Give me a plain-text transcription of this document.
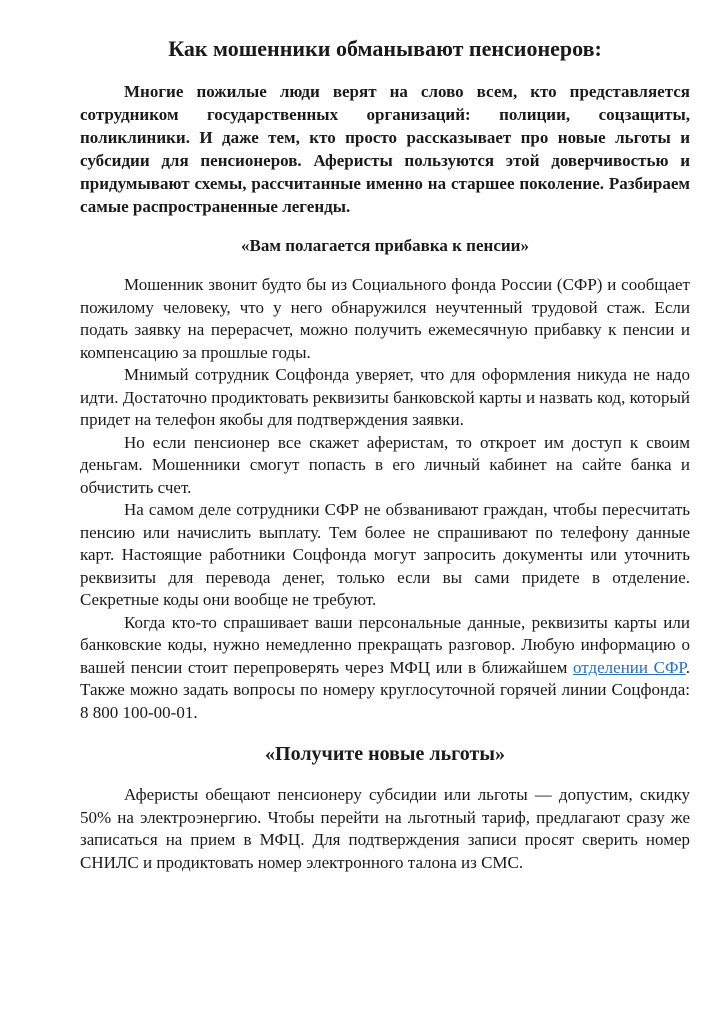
Как мошенники обманывают пенсионеров:

Многие пожилые люди верят на слово всем, кто представляется сотрудником государственных организаций: полиции, соцзащиты, поликлиники. И даже тем, кто просто рассказывает про новые льготы и субсидии для пенсионеров. Аферисты пользуются этой доверчивостью и придумывают схемы, рассчитанные именно на старшее поколение. Разбираем самые распространенные легенды.

«Вам полагается прибавка к пенсии»

Мошенник звонит будто бы из Социального фонда России (СФР) и сообщает пожилому человеку, что у него обнаружился неучтенный трудовой стаж. Если подать заявку на перерасчет, можно получить ежемесячную прибавку к пенсии и компенсацию за прошлые годы.

Мнимый сотрудник Соцфонда уверяет, что для оформления никуда не надо идти. Достаточно продиктовать реквизиты банковской карты и назвать код, который придет на телефон якобы для подтверждения заявки.

Но если пенсионер все скажет аферистам, то откроет им доступ к своим деньгам. Мошенники смогут попасть в его личный кабинет на сайте банка и обчистить счет.

На самом деле сотрудники СФР не обзванивают граждан, чтобы пересчитать пенсию или начислить выплату. Тем более не спрашивают по телефону данные карт. Настоящие работники Соцфонда могут запросить документы или уточнить реквизиты для перевода денег, только если вы сами придете в отделение. Секретные коды они вообще не требуют.

Когда кто-то спрашивает ваши персональные данные, реквизиты карты или банковские коды, нужно немедленно прекращать разговор. Любую информацию о вашей пенсии стоит перепроверять через МФЦ или в ближайшем отделении СФР. Также можно задать вопросы по номеру круглосуточной горячей линии Соцфонда: 8 800 100-00-01.

«Получите новые льготы»

Аферисты обещают пенсионеру субсидии или льготы — допустим, скидку 50% на электроэнергию. Чтобы перейти на льготный тариф, предлагают сразу же записаться на прием в МФЦ. Для подтверждения записи просят сверить номер СНИЛС и продиктовать номер электронного талона из СМС.
